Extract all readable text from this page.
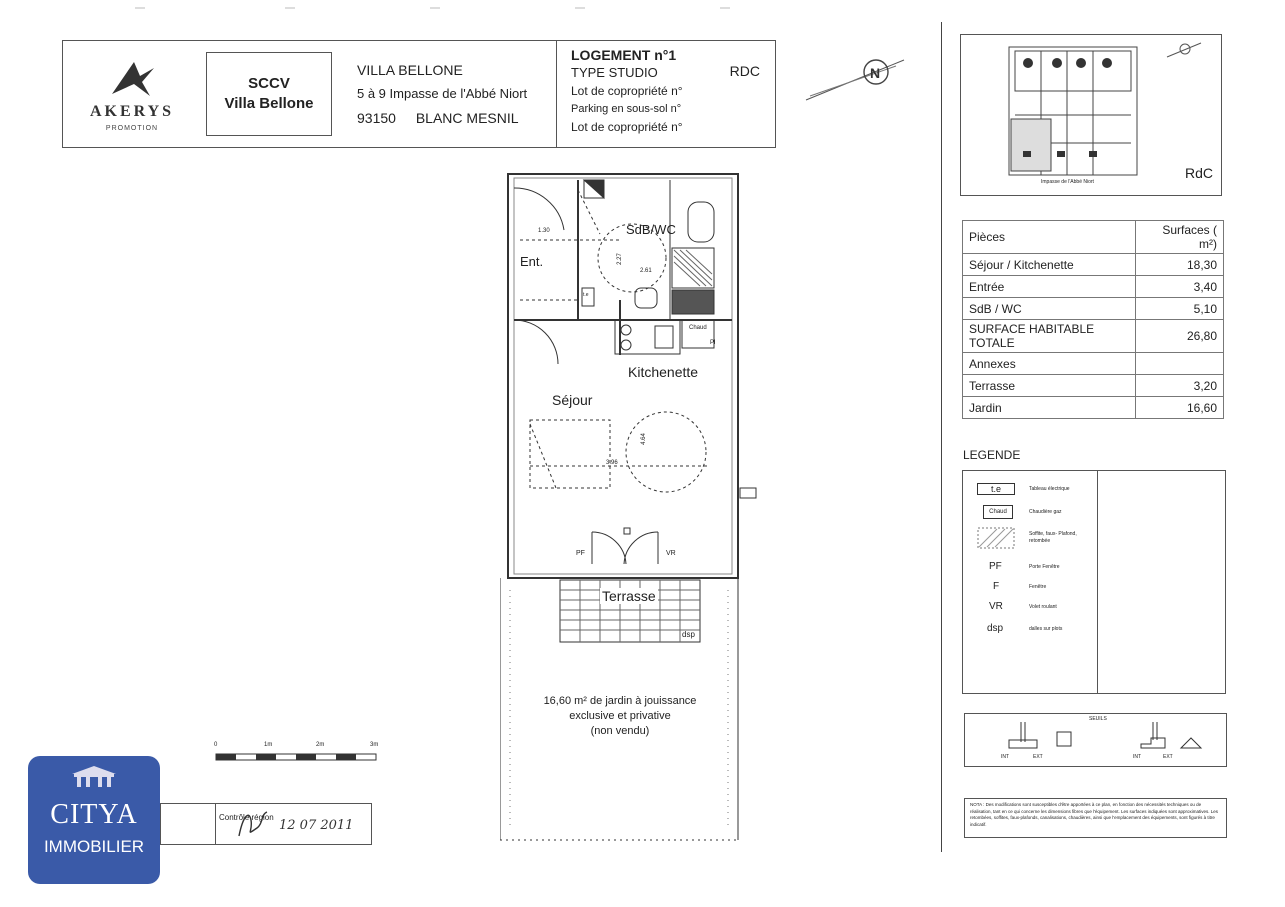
AKERYS
PROMOTION
SCCV
Villa Bellone
VILLA BELLONE
5 à 9 Impasse de l'Abbé Niort
93150 BLANC MESNIL
LOGEMENT n°1
TYPE STUDIO	RDC
Lot de copropriété n°
Parking en sous-sol n°
Lot de copropriété n°
N
Ent.
SdB/WC
Kitchenette
Séjour
Terrasse
1.30
2.27
2.61
3.96
4.64
t.e
Chaud
Pl
PF	VR
dsp
16,60 m² de jardin à jouissance
exclusive et privative
(non vendu)
0	1m	2m	3m
Contrôle région
12 07 2011
CITYA
IMMOBILIER
Impasse de l'Abbé Niort
RdC
Pièces	Surfaces ( m²)
Séjour / Kitchenette	18,30
Entrée	3,40
SdB / WC	5,10
SURFACE HABITABLE TOTALE	26,80
Annexes	
Terrasse	3,20
Jardin	16,60
LEGENDE
t.e	Tableau électrique
Chaud	Chaudière gaz
Soffite, faux- Plafond, retombée
PF	Porte Fenêtre
F	Fenêtre
VR	Volet roulant
dsp	dalles sur plots
SEUILS
INT	EXT	INT	EXT
NOTA : Des modifications sont susceptibles d'être apportées à ce plan, en fonction des nécessités techniques ou de réalisation, tant en ce qui concerne les dimensions fibres que l'équipement. Les surfaces indiquées sont approximatives. Les retombées, soffites, faux-plafonds, canalisations, chaudières, ainsi que l'emplacement des équipements, sont figurés à titre indicatif.
